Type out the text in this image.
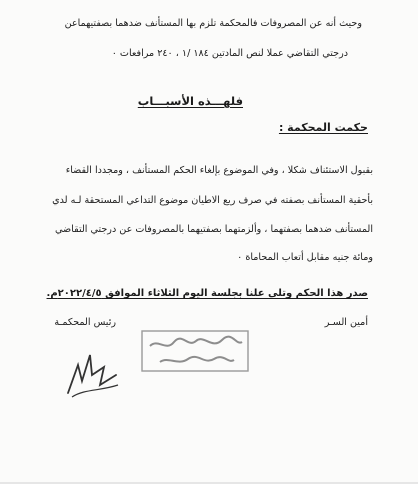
وحيث أنه عن المصروفات فالمحكمة تلزم بها المستأنف ضدهما بصفتيهماعن
درجتي التقاضي عملا لنص المادتين ١٨٤ /١ ، ٢٤٠ مرافعات ٠
فلهـــذه الأسبـــاب
حكمت المحكمة :
بقبول الاستئناف شكلا ، وفي الموضوع بإلغاء الحكم المستأنف ، ومجددا القضاء
بأحقية المستأنف بصفته في صرف ريع الاطيان موضوع التداعي المستحقة لـه لدي
المستأنف ضدهما بصفتهما ، وألزمتهما بصفتيهما بالمصروفات عن درجتي التقاضي
ومائة جنيه مقابل أتعاب المحاماة ٠
صدر هذا الحكم وتلى علنا بجلسة اليوم الثلاثاء الموافق ٢٠٢٢/٤/٥م.
رئيس المحكمـة	أمين السـر
